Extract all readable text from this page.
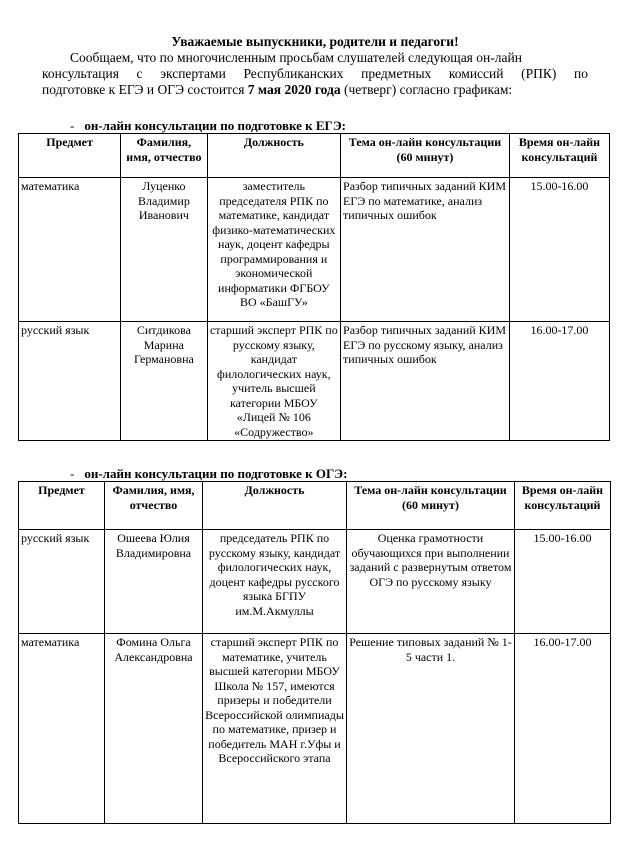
Уважаемые выпускники, родители и педагоги!
Сообщаем, что по многочисленным просьбам слушателей следующая он-лайн
консультация с экспертами Республиканских предметных комиссий (РПК) по
подготовке к ЕГЭ и ОГЭ состоится 7 мая 2020 года (четверг) согласно графикам:
- он-лайн консультации по подготовке к ЕГЭ:
Предмет	Фамилия, имя, отчество	Должность	Тема он-лайн консультации (60 минут)	Время он-лайн консультаций
математика	Луценко Владимир Иванович	заместитель председателя РПК по математике, кандидат физико-математических наук, доцент кафедры программирования и экономической информатики ФГБОУ ВО «БашГУ»	Разбор типичных заданий КИМ ЕГЭ по математике, анализ типичных ошибок	15.00-16.00
русский язык	Ситдикова Марина Германовна	старший эксперт РПК по русскому языку, кандидат филологических наук, учитель высшей категории МБОУ «Лицей № 106 «Содружество»	Разбор типичных заданий КИМ ЕГЭ по русскому языку, анализ типичных ошибок	16.00-17.00
- он-лайн консультации по подготовке к ОГЭ:
Предмет	Фамилия, имя, отчество	Должность	Тема он-лайн консультации (60 минут)	Время он-лайн консультаций
русский язык	Ошеева Юлия Владимировна	председатель РПК по русскому языку, кандидат филологических наук, доцент кафедры русского языка БГПУ им.М.Акмуллы	Оценка грамотности обучающихся при выполнении заданий с развернутым ответом ОГЭ по русскому языку	15.00-16.00
математика	Фомина Ольга Александровна	старший эксперт РПК по математике, учитель высшей категории МБОУ Школа № 157, имеются призеры и победители Всероссийской олимпиады по математике, призер и победитель МАН г.Уфы и Всероссийского этапа	Решение типовых заданий № 1-5 части 1.	16.00-17.00
